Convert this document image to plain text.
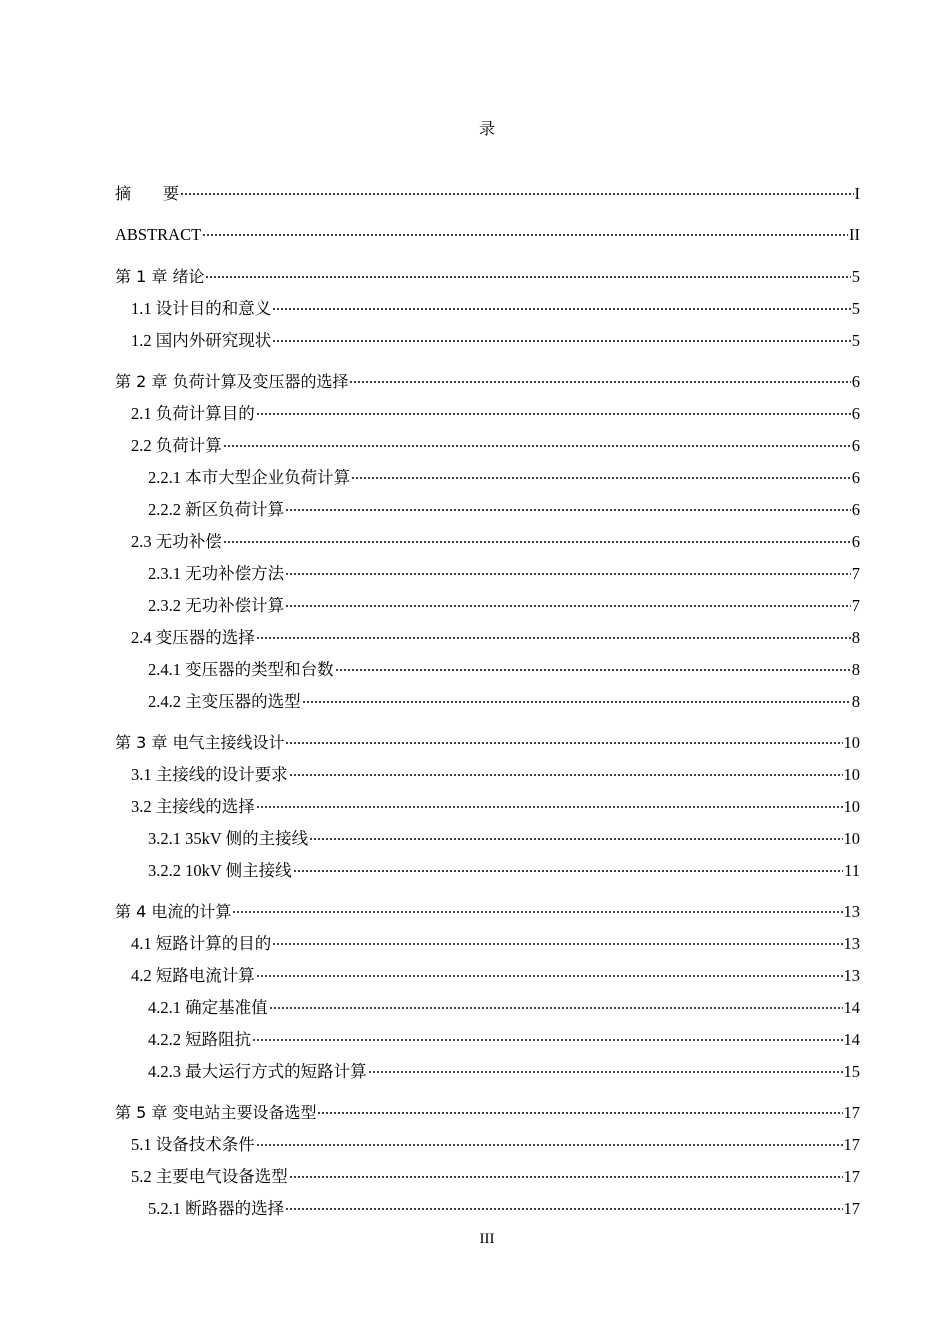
录
摘　　要	I
ABSTRACT	II
第 1 章 绪论	5
1.1 设计目的和意义	5
1.2 国内外研究现状	5
第 2 章 负荷计算及变压器的选择	6
2.1 负荷计算目的	6
2.2 负荷计算	6
2.2.1 本市大型企业负荷计算	6
2.2.2 新区负荷计算	6
2.3 无功补偿	6
2.3.1 无功补偿方法	7
2.3.2 无功补偿计算	7
2.4 变压器的选择	8
2.4.1 变压器的类型和台数	8
2.4.2 主变压器的选型	8
第 3 章 电气主接线设计	10
3.1 主接线的设计要求	10
3.2 主接线的选择	10
3.2.1 35kV 侧的主接线	10
3.2.2 10kV 侧主接线	11
第 4 电流的计算	13
4.1 短路计算的目的	13
4.2 短路电流计算	13
4.2.1 确定基准值	14
4.2.2 短路阻抗	14
4.2.3 最大运行方式的短路计算	15
第 5 章 变电站主要设备选型	17
5.1 设备技术条件	17
5.2 主要电气设备选型	17
5.2.1 断路器的选择	17
III
